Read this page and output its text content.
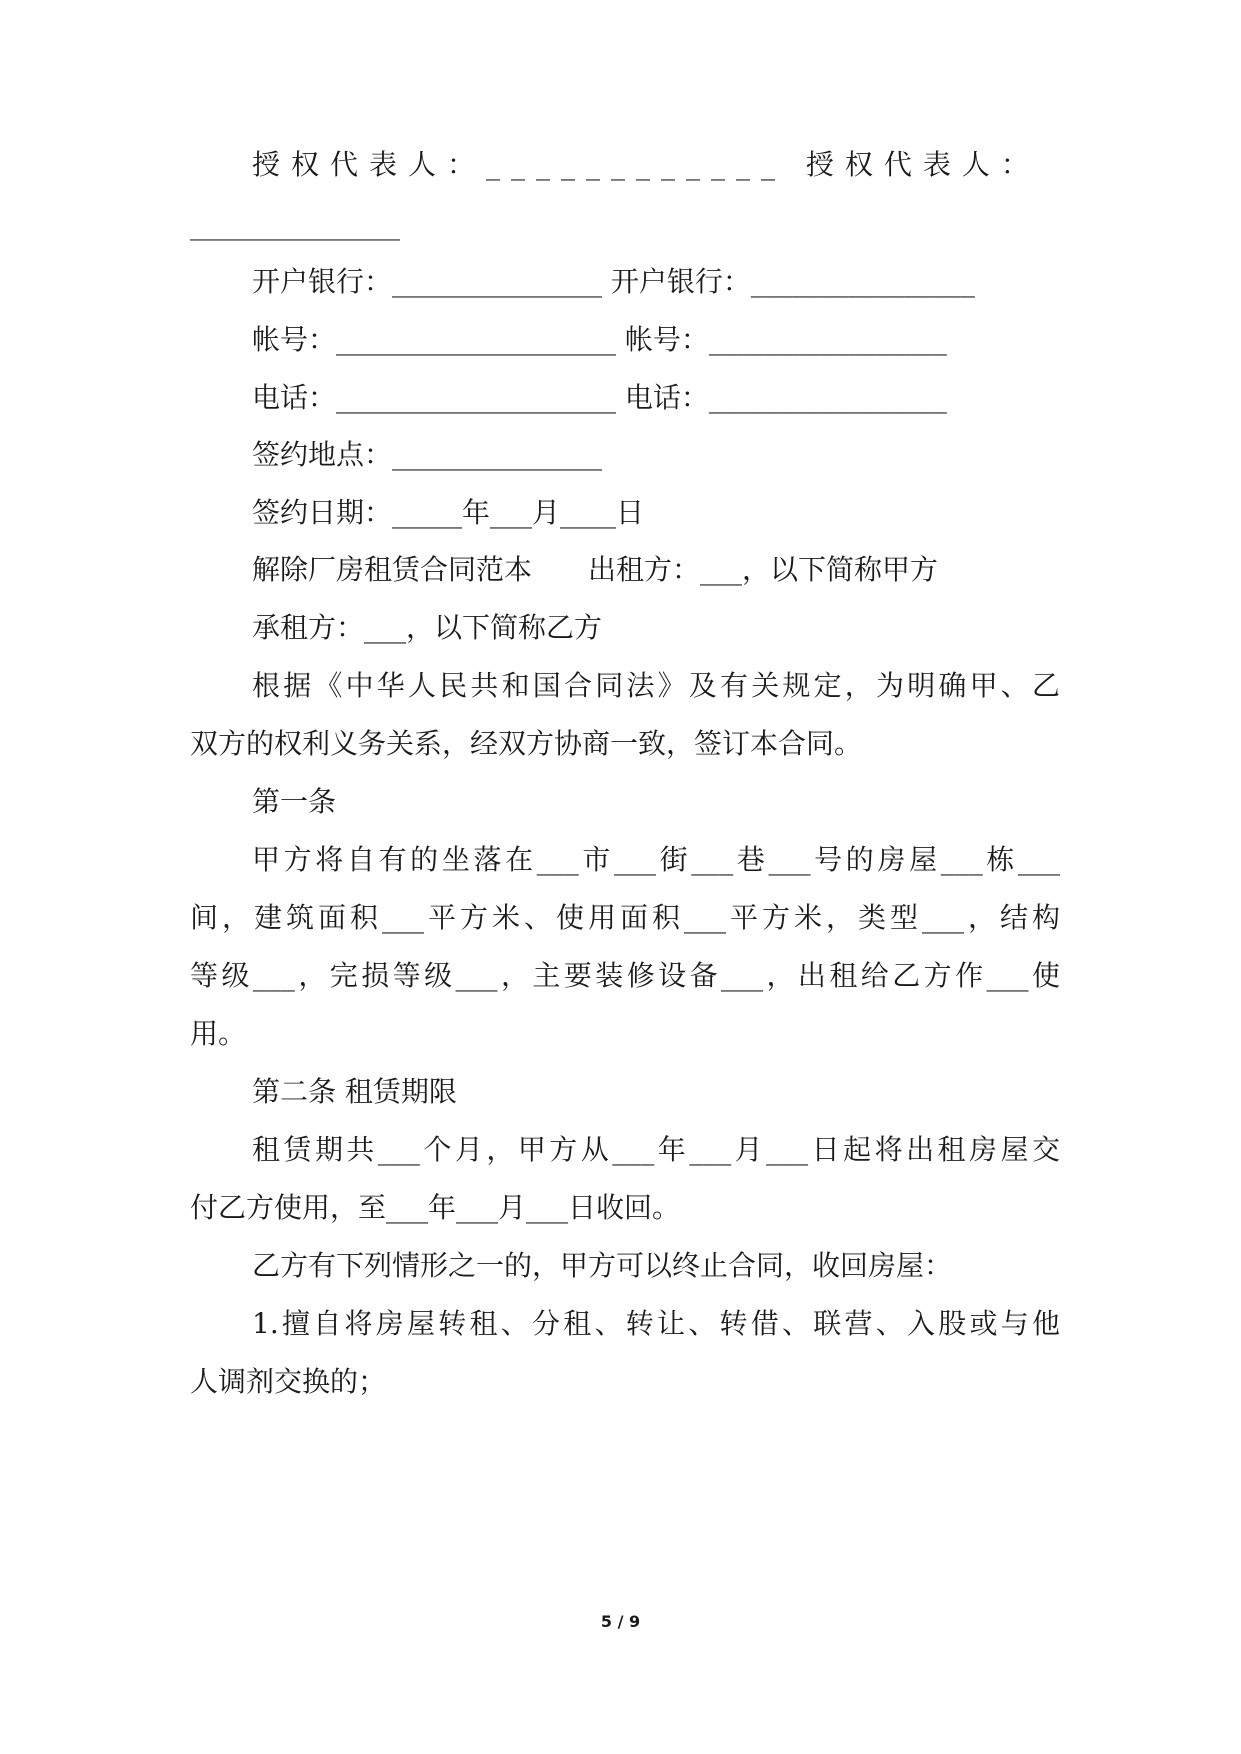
授权代表人：____________ 授权代表人：
_______________
开户银行：_______________ 开户银行：________________
帐号：____________________ 帐号：_________________
电话：____________________ 电话：_________________
签约地点：_______________
签约日期：_____年___月____日
解除厂房租赁合同范本　　出租方：___，以下简称甲方
承租方：___，以下简称乙方
根据《中华人民共和国合同法》及有关规定，为明确甲、乙
双方的权利义务关系，经双方协商一致，签订本合同。
第一条
甲方将自有的坐落在___市___街___巷___号的房屋___栋___
间，建筑面积___平方米、使用面积___平方米，类型___，结构
等级___，完损等级___，主要装修设备___，出租给乙方作___使
用。
第二条 租赁期限
租赁期共___个月，甲方从___年___月___日起将出租房屋交
付乙方使用，至___年___月___日收回。
乙方有下列情形之一的，甲方可以终止合同，收回房屋：
1.擅自将房屋转租、分租、转让、转借、联营、入股或与他
人调剂交换的；
5 / 9
